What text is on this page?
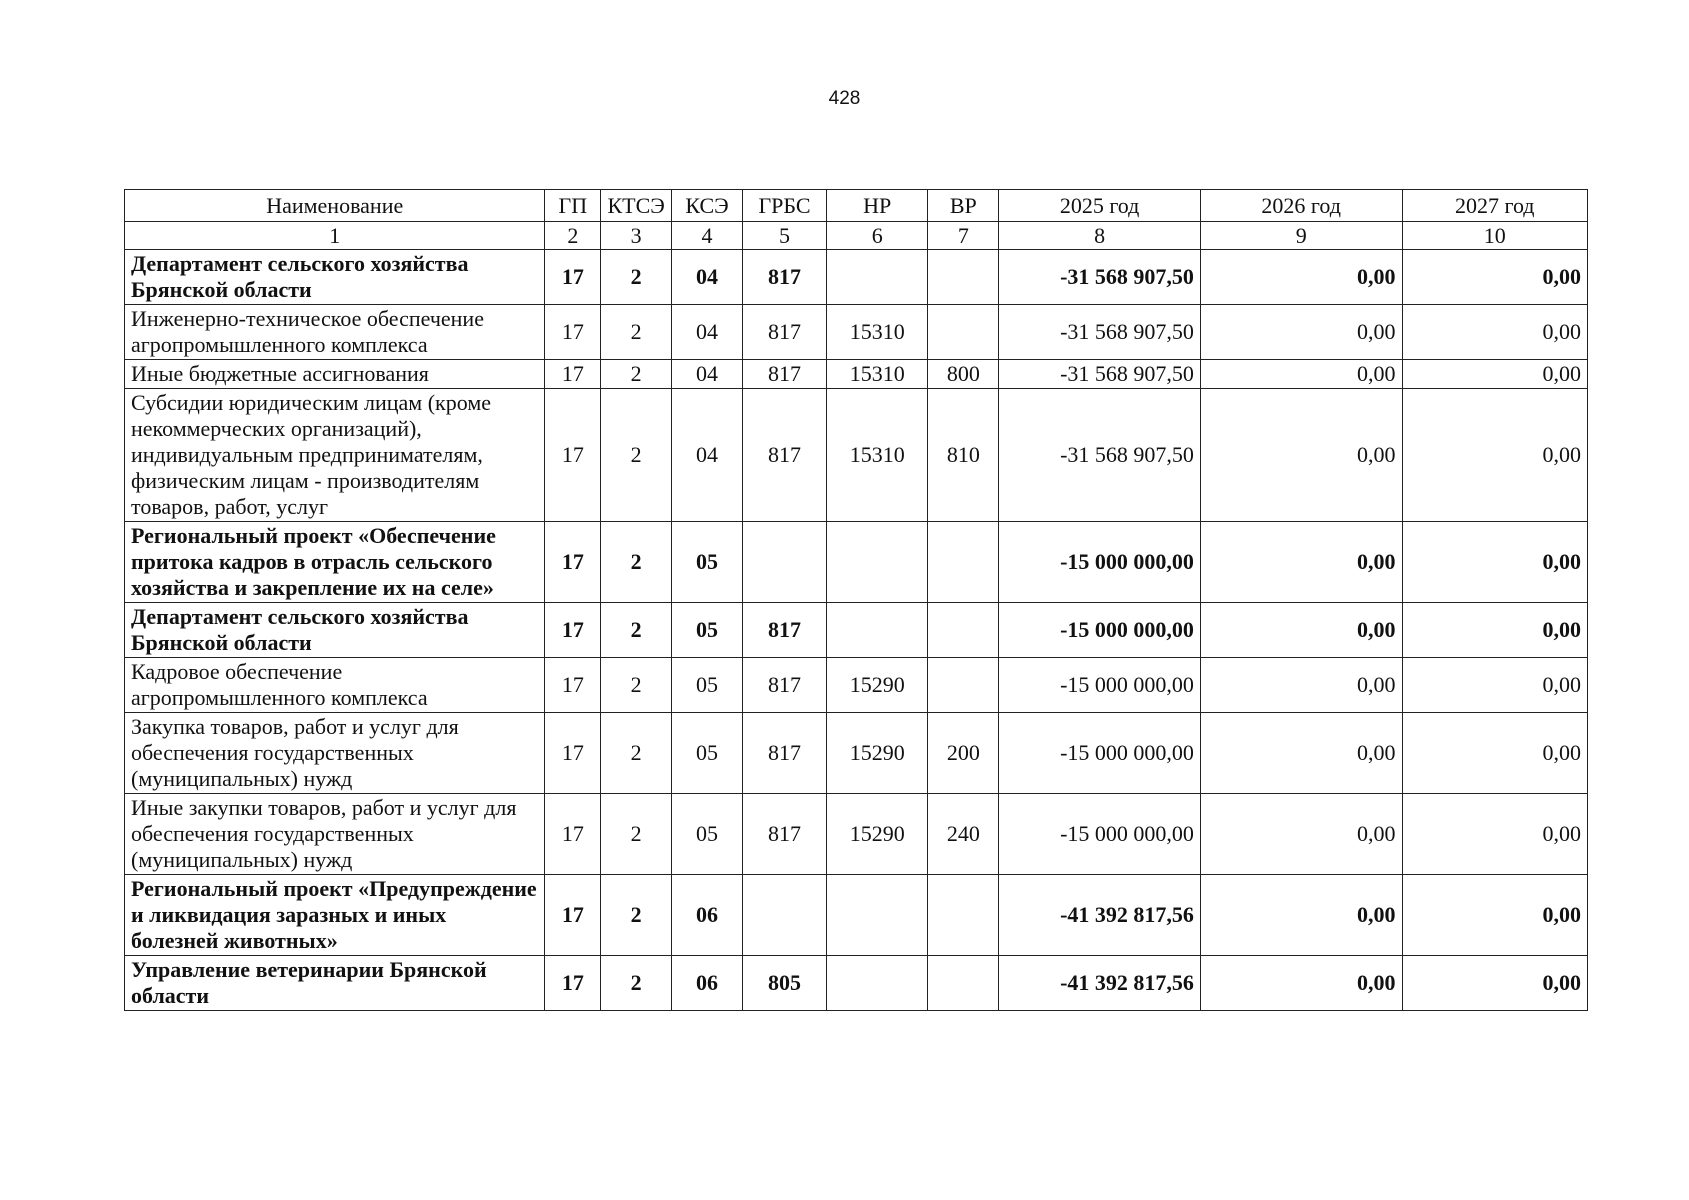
428
Наименование	ГП	КТСЭ	КСЭ	ГРБС	НР	ВР	2025 год	2026 год	2027 год
1	2	3	4	5	6	7	8	9	10
Департамент сельского хозяйства Брянской области	17	2	04	817			-31 568 907,50	0,00	0,00
Инженерно-техническое обеспечение агропромышленного комплекса	17	2	04	817	15310		-31 568 907,50	0,00	0,00
Иные бюджетные ассигнования	17	2	04	817	15310	800	-31 568 907,50	0,00	0,00
Субсидии юридическим лицам (кроме некоммерческих организаций), индивидуальным предпринимателям, физическим лицам - производителям товаров, работ, услуг	17	2	04	817	15310	810	-31 568 907,50	0,00	0,00
Региональный проект «Обеспечение притока кадров в отрасль сельского хозяйства и закрепление их на селе»	17	2	05				-15 000 000,00	0,00	0,00
Департамент сельского хозяйства Брянской области	17	2	05	817			-15 000 000,00	0,00	0,00
Кадровое обеспечение агропромышленного комплекса	17	2	05	817	15290		-15 000 000,00	0,00	0,00
Закупка товаров, работ и услуг для обеспечения государственных (муниципальных) нужд	17	2	05	817	15290	200	-15 000 000,00	0,00	0,00
Иные закупки товаров, работ и услуг для обеспечения государственных (муниципальных) нужд	17	2	05	817	15290	240	-15 000 000,00	0,00	0,00
Региональный проект «Предупреждение и ликвидация заразных и иных болезней животных»	17	2	06				-41 392 817,56	0,00	0,00
Управление ветеринарии Брянской области	17	2	06	805			-41 392 817,56	0,00	0,00
